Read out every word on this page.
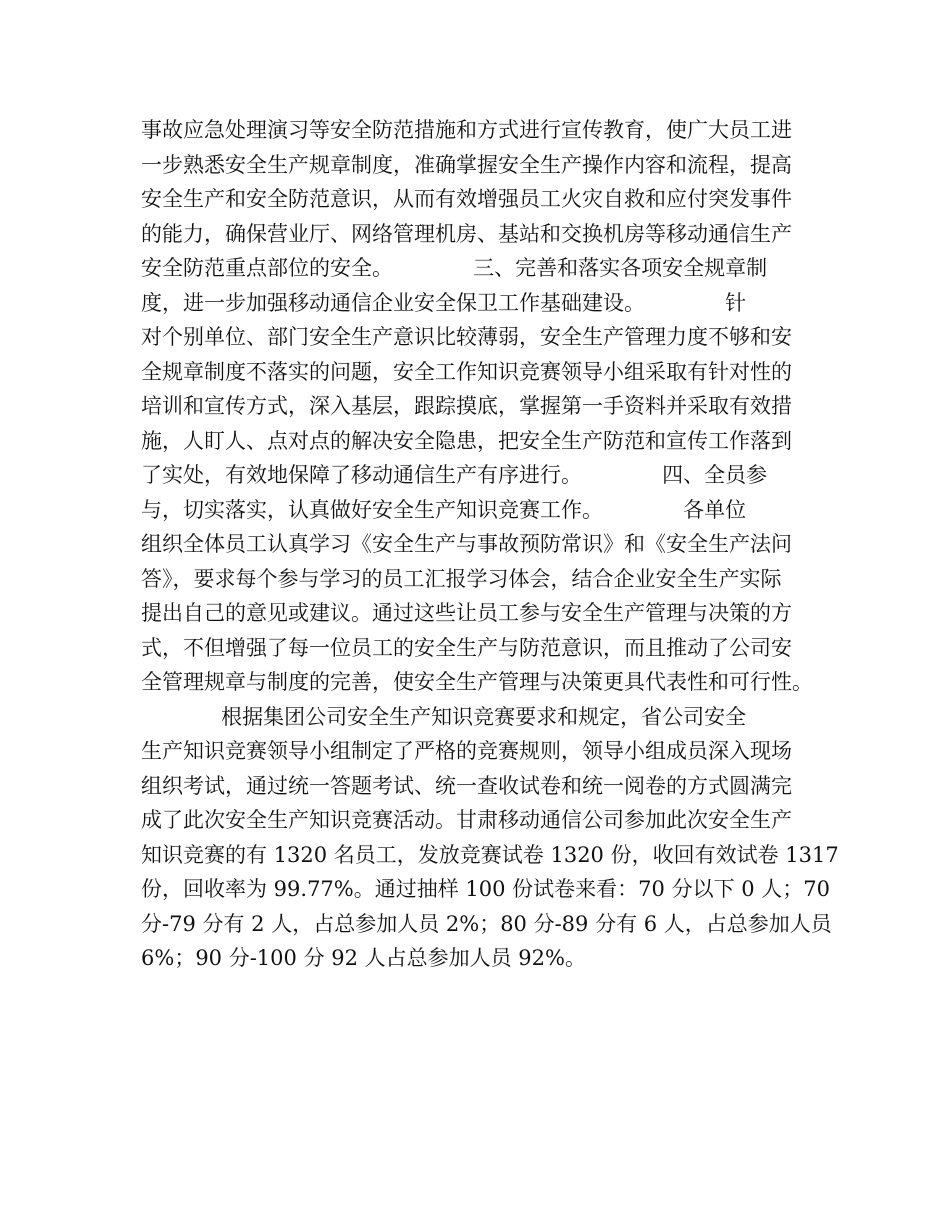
事故应急处理演习等安全防范措施和方式进行宣传教育，使广大员工进
一步熟悉安全生产规章制度，准确掌握安全生产操作内容和流程，提高
安全生产和安全防范意识，从而有效增强员工火灾自救和应付突发事件
的能力，确保营业厅、网络管理机房、基站和交换机房等移动通信生产
安全防范重点部位的安全。            三、完善和落实各项安全规章制
度，进一步加强移动通信企业安全保卫工作基础建设。            针
对个别单位、部门安全生产意识比较薄弱，安全生产管理力度不够和安
全规章制度不落实的问题，安全工作知识竞赛领导小组采取有针对性的
培训和宣传方式，深入基层，跟踪摸底，掌握第一手资料并采取有效措
施，人盯人、点对点的解决安全隐患，把安全生产防范和宣传工作落到
了实处，有效地保障了移动通信生产有序进行。            四、全员参
与，切实落实，认真做好安全生产知识竞赛工作。            各单位
组织全体员工认真学习《安全生产与事故预防常识》和《安全生产法问
答》，要求每个参与学习的员工汇报学习体会，结合企业安全生产实际
提出自己的意见或建议。通过这些让员工参与安全生产管理与决策的方
式，不但增强了每一位员工的安全生产与防范意识，而且推动了公司安
全管理规章与制度的完善，使安全生产管理与决策更具代表性和可行性。
根据集团公司安全生产知识竞赛要求和规定，省公司安全
生产知识竞赛领导小组制定了严格的竞赛规则，领导小组成员深入现场
组织考试，通过统一答题考试、统一查收试卷和统一阅卷的方式圆满完
成了此次安全生产知识竞赛活动。甘肃移动通信公司参加此次安全生产
知识竞赛的有 1320 名员工，发放竞赛试卷 1320 份，收回有效试卷 1317
份，回收率为 99.77%。通过抽样 100 份试卷来看：70 分以下 0 人；70
分-79 分有 2 人，占总参加人员 2%；80 分-89 分有 6 人，占总参加人员
6%；90 分-100 分 92 人占总参加人员 92%。
